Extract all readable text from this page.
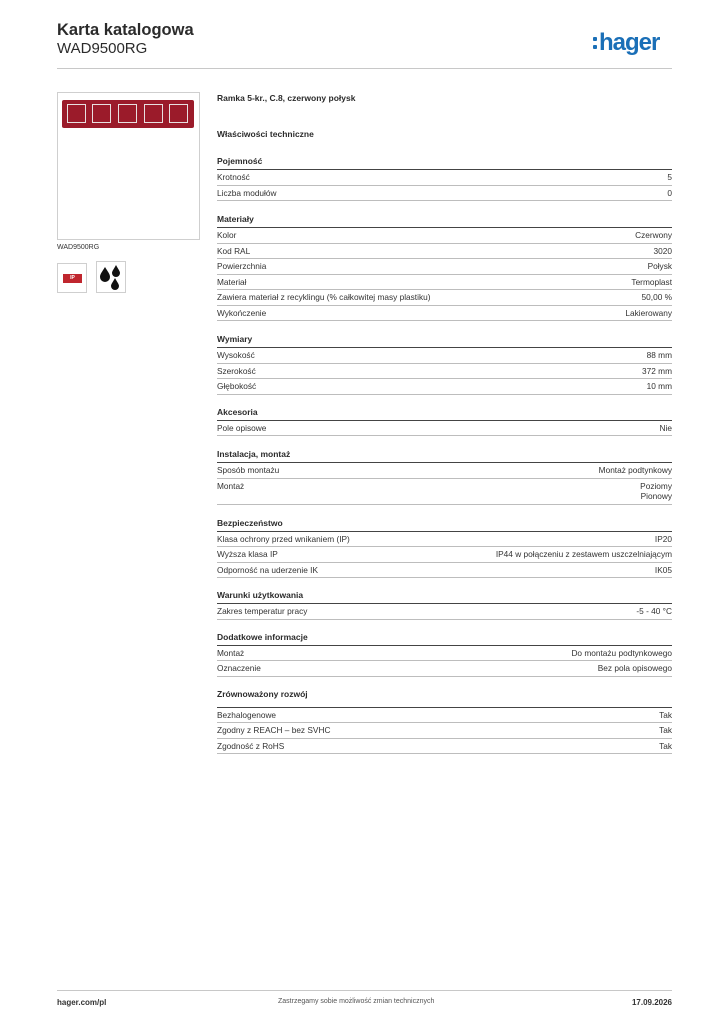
Karta katalogowa
WAD9500RG	hager
WAD9500RG
IP
Ramka 5-kr., C.8, czerwony połysk
Właściwości techniczne
Pojemność
Krotność	5
Liczba modułów	0
Materiały
Kolor	Czerwony
Kod RAL	3020
Powierzchnia	Połysk
Materiał	Termoplast
Zawiera materiał z recyklingu (% całkowitej masy plastiku)	50,00 %
Wykończenie	Lakierowany
Wymiary
Wysokość	88 mm
Szerokość	372 mm
Głębokość	10 mm
Akcesoria
Pole opisowe	Nie
Instalacja, montaż
Sposób montażu	Montaż podtynkowy
Montaż	Poziomy
Pionowy
Bezpieczeństwo
Klasa ochrony przed wnikaniem (IP)	IP20
Wyższa klasa IP	IP44 w połączeniu z zestawem uszczelniającym
Odporność na uderzenie IK	IK05
Warunki użytkowania
Zakres temperatur pracy	-5 - 40 °C
Dodatkowe informacje
Montaż	Do montażu podtynkowego
Oznaczenie	Bez pola opisowego
Zrównoważony rozwój
Bezhalogenowe	Tak
Zgodny z REACH – bez SVHC	Tak
Zgodność z RoHS	Tak
hager.com/pl	Zastrzegamy sobie możliwość zmian technicznych	17.09.2026
